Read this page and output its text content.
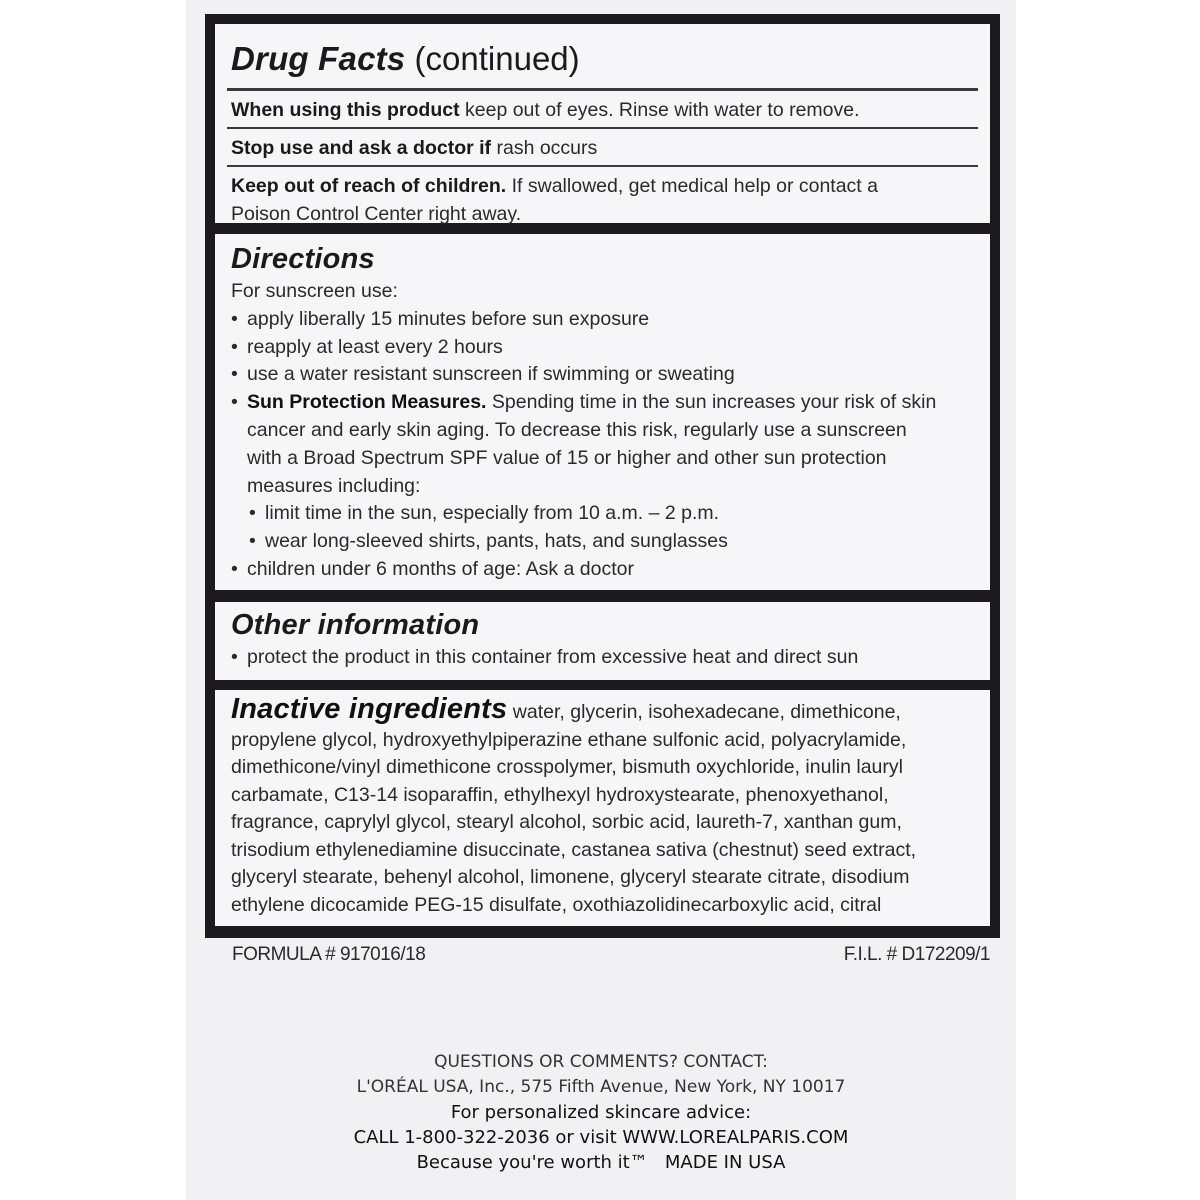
Drug Facts (continued)
When using this product keep out of eyes. Rinse with water to remove.
Stop use and ask a doctor if rash occurs
Keep out of reach of children. If swallowed, get medical help or contact a
Poison Control Center right away.
Directions
For sunscreen use:
• apply liberally 15 minutes before sun exposure
• reapply at least every 2 hours
• use a water resistant sunscreen if swimming or sweating
• Sun Protection Measures. Spending time in the sun increases your risk of skin
cancer and early skin aging. To decrease this risk, regularly use a sunscreen
with a Broad Spectrum SPF value of 15 or higher and other sun protection
measures including:
• limit time in the sun, especially from 10 a.m. – 2 p.m.
• wear long-sleeved shirts, pants, hats, and sunglasses
• children under 6 months of age: Ask a doctor
Other information
• protect the product in this container from excessive heat and direct sun
Inactive ingredients water, glycerin, isohexadecane, dimethicone,
propylene glycol, hydroxyethylpiperazine ethane sulfonic acid, polyacrylamide,
dimethicone/vinyl dimethicone crosspolymer, bismuth oxychloride, inulin lauryl
carbamate, C13-14 isoparaffin, ethylhexyl hydroxystearate, phenoxyethanol,
fragrance, caprylyl glycol, stearyl alcohol, sorbic acid, laureth-7, xanthan gum,
trisodium ethylenediamine disuccinate, castanea sativa (chestnut) seed extract,
glyceryl stearate, behenyl alcohol, limonene, glyceryl stearate citrate, disodium
ethylene dicocamide PEG-15 disulfate, oxothiazolidinecarboxylic acid, citral
FORMULA # 917016/18	F.I.L. # D172209/1
QUESTIONS OR COMMENTS? CONTACT:
L'ORÉAL USA, Inc., 575 Fifth Avenue, New York, NY 10017
For personalized skincare advice:
CALL 1-800-322-2036 or visit WWW.LOREALPARIS.COM
Because you're worth it™   MADE IN USA
